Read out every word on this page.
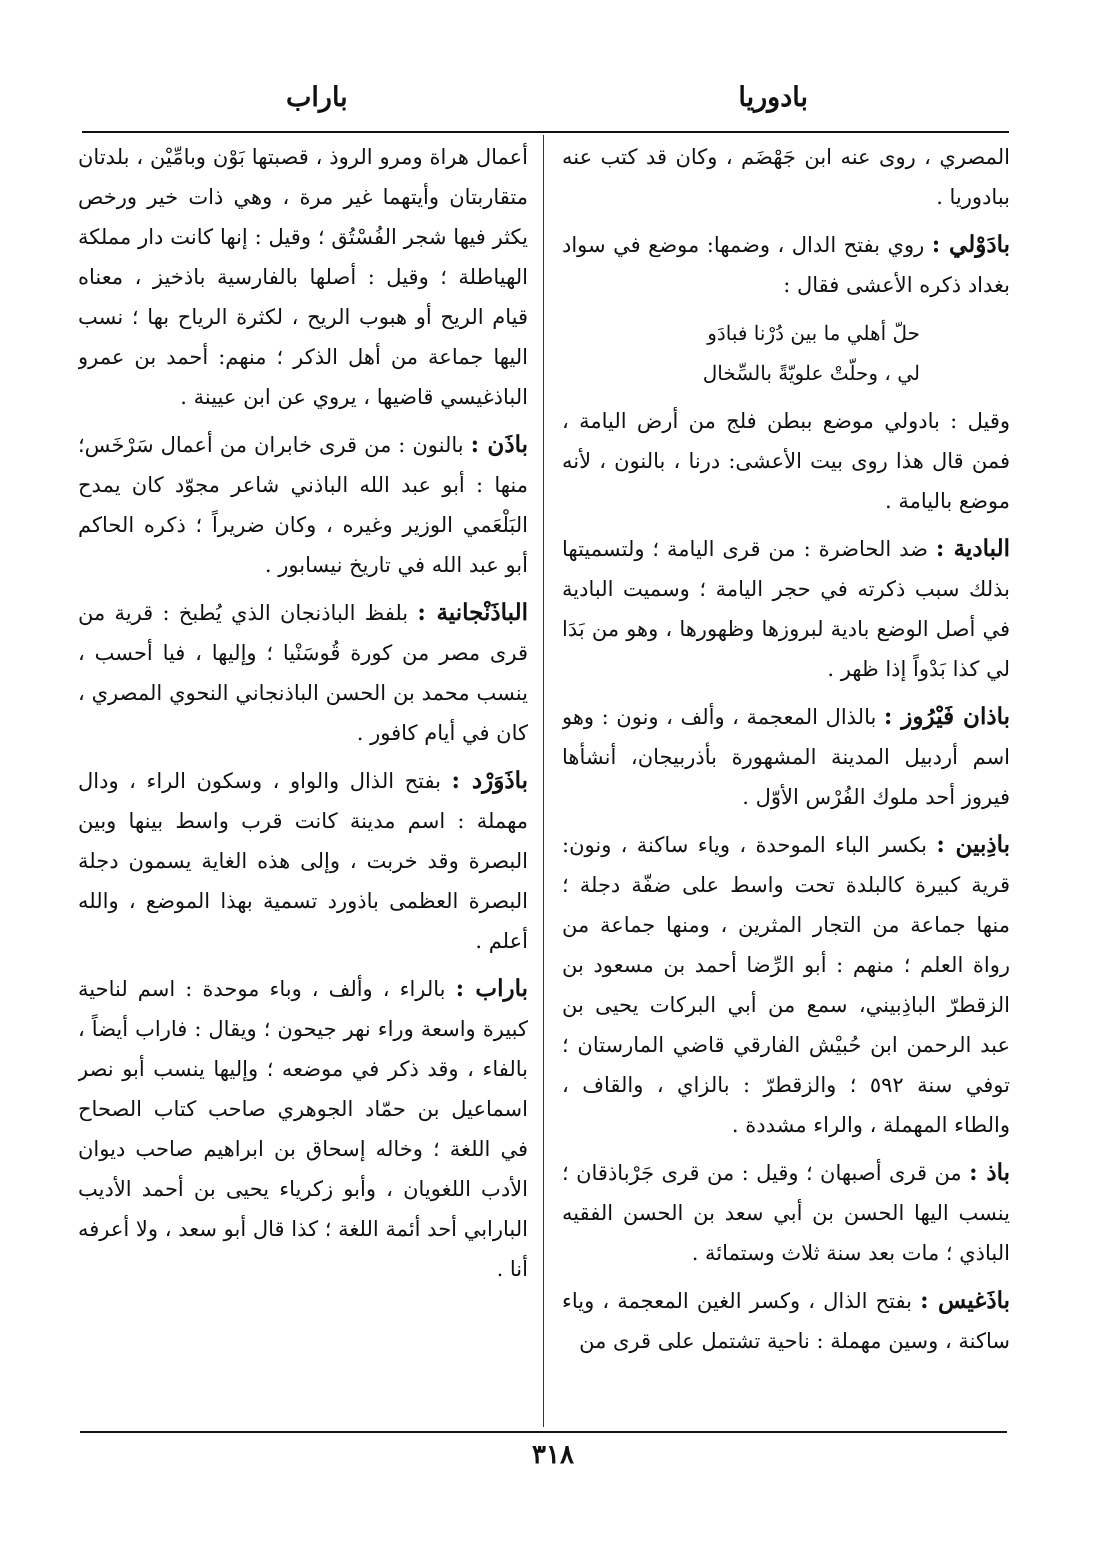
بادوريا
باراب
المصري ، روى عنه ابن جَهْضَم ، وكان قد كتب عنه ببادوريا .
بادَوْلي : روي بفتح الدال ، وضمها: موضع في سواد بغداد ذكره الأعشى فقال :
حلّ أهلي ما بين دُرْنا فبادَو
لي ، وحلّتْ علويّةً بالسِّخال
وقيل : بادولي موضع ببطن فلج من أرض اليامة ، فمن قال هذا روى بيت الأعشى: درنا ، بالنون ، لأنه موضع باليامة .
البادية : ضد الحاضرة : من قرى اليامة ؛ ولتسميتها بذلك سبب ذكرته في حجر اليامة ؛ وسميت البادية في أصل الوضع بادية لبروزها وظهورها ، وهو من بَدَا لي كذا بَدْواً إذا ظهر .
باذان فَيْرُوز : بالذال المعجمة ، وألف ، ونون : وهو اسم أردبيل المدينة المشهورة بأذربيجان، أنشأها فيروز أحد ملوك الفُرْس الأوّل .
باذِبين : بكسر الباء الموحدة ، وياء ساكنة ، ونون: قرية كبيرة كالبلدة تحت واسط على ضفّة دجلة ؛ منها جماعة من التجار المثرين ، ومنها جماعة من رواة العلم ؛ منهم : أبو الرِّضا أحمد بن مسعود بن الزقطرّ الباذِبيني، سمع من أبي البركات يحيى بن عبد الرحمن ابن حُبيْش الفارقي قاضي المارستان ؛ توفي سنة ٥٩٢ ؛ والزقطرّ : بالزاي ، والقاف ، والطاء المهملة ، والراء مشددة .
باذ : من قرى أصبهان ؛ وقيل : من قرى جَرْباذقان ؛ ينسب اليها الحسن بن أبي سعد بن الحسن الفقيه الباذي ؛ مات بعد سنة ثلاث وستمائة .
باذَغيس : بفتح الذال ، وكسر الغين المعجمة ، وياء ساكنة ، وسين مهملة : ناحية تشتمل على قرى من
أعمال هراة ومرو الروذ ، قصبتها بَوْن وبامِّيْن ، بلدتان متقاربتان وأيتهما غير مرة ، وهي ذات خير ورخص يكثر فيها شجر الفُسْتُق ؛ وقيل : إنها كانت دار مملكة الهياطلة ؛ وقيل : أصلها بالفارسية باذخيز ، معناه قيام الريح أو هبوب الريح ، لكثرة الرياح بها ؛ نسب اليها جماعة من أهل الذكر ؛ منهم: أحمد بن عمرو الباذغيسي قاضيها ، يروي عن ابن عيينة .
باذَن : بالنون : من قرى خابران من أعمال سَرْخَس؛ منها : أبو عبد الله الباذني شاعر مجوّد كان يمدح البَلْعَمي الوزير وغيره ، وكان ضريراً ؛ ذكره الحاكم أبو عبد الله في تاريخ نيسابور .
الباذَنْجانية : بلفظ الباذنجان الذي يُطبخ : قرية من قرى مصر من كورة قُوسَنْيا ؛ وإليها ، فيا أحسب ، ينسب محمد بن الحسن الباذنجاني النحوي المصري ، كان في أيام كافور .
باذَوَرْد : بفتح الذال والواو ، وسكون الراء ، ودال مهملة : اسم مدينة كانت قرب واسط بينها وبين البصرة وقد خربت ، وإلى هذه الغاية يسمون دجلة البصرة العظمى باذورد تسمية بهذا الموضع ، والله أعلم .
باراب : بالراء ، وألف ، وباء موحدة : اسم لناحية كبيرة واسعة وراء نهر جيحون ؛ ويقال : فاراب أيضاً ، بالفاء ، وقد ذكر في موضعه ؛ وإليها ينسب أبو نصر اسماعيل بن حمّاد الجوهري صاحب كتاب الصحاح في اللغة ؛ وخاله إسحاق بن ابراهيم صاحب ديوان الأدب اللغويان ، وأبو زكرياء يحيى بن أحمد الأديب البارابي أحد أئمة اللغة ؛ كذا قال أبو سعد ، ولا أعرفه أنا .
٣١٨
